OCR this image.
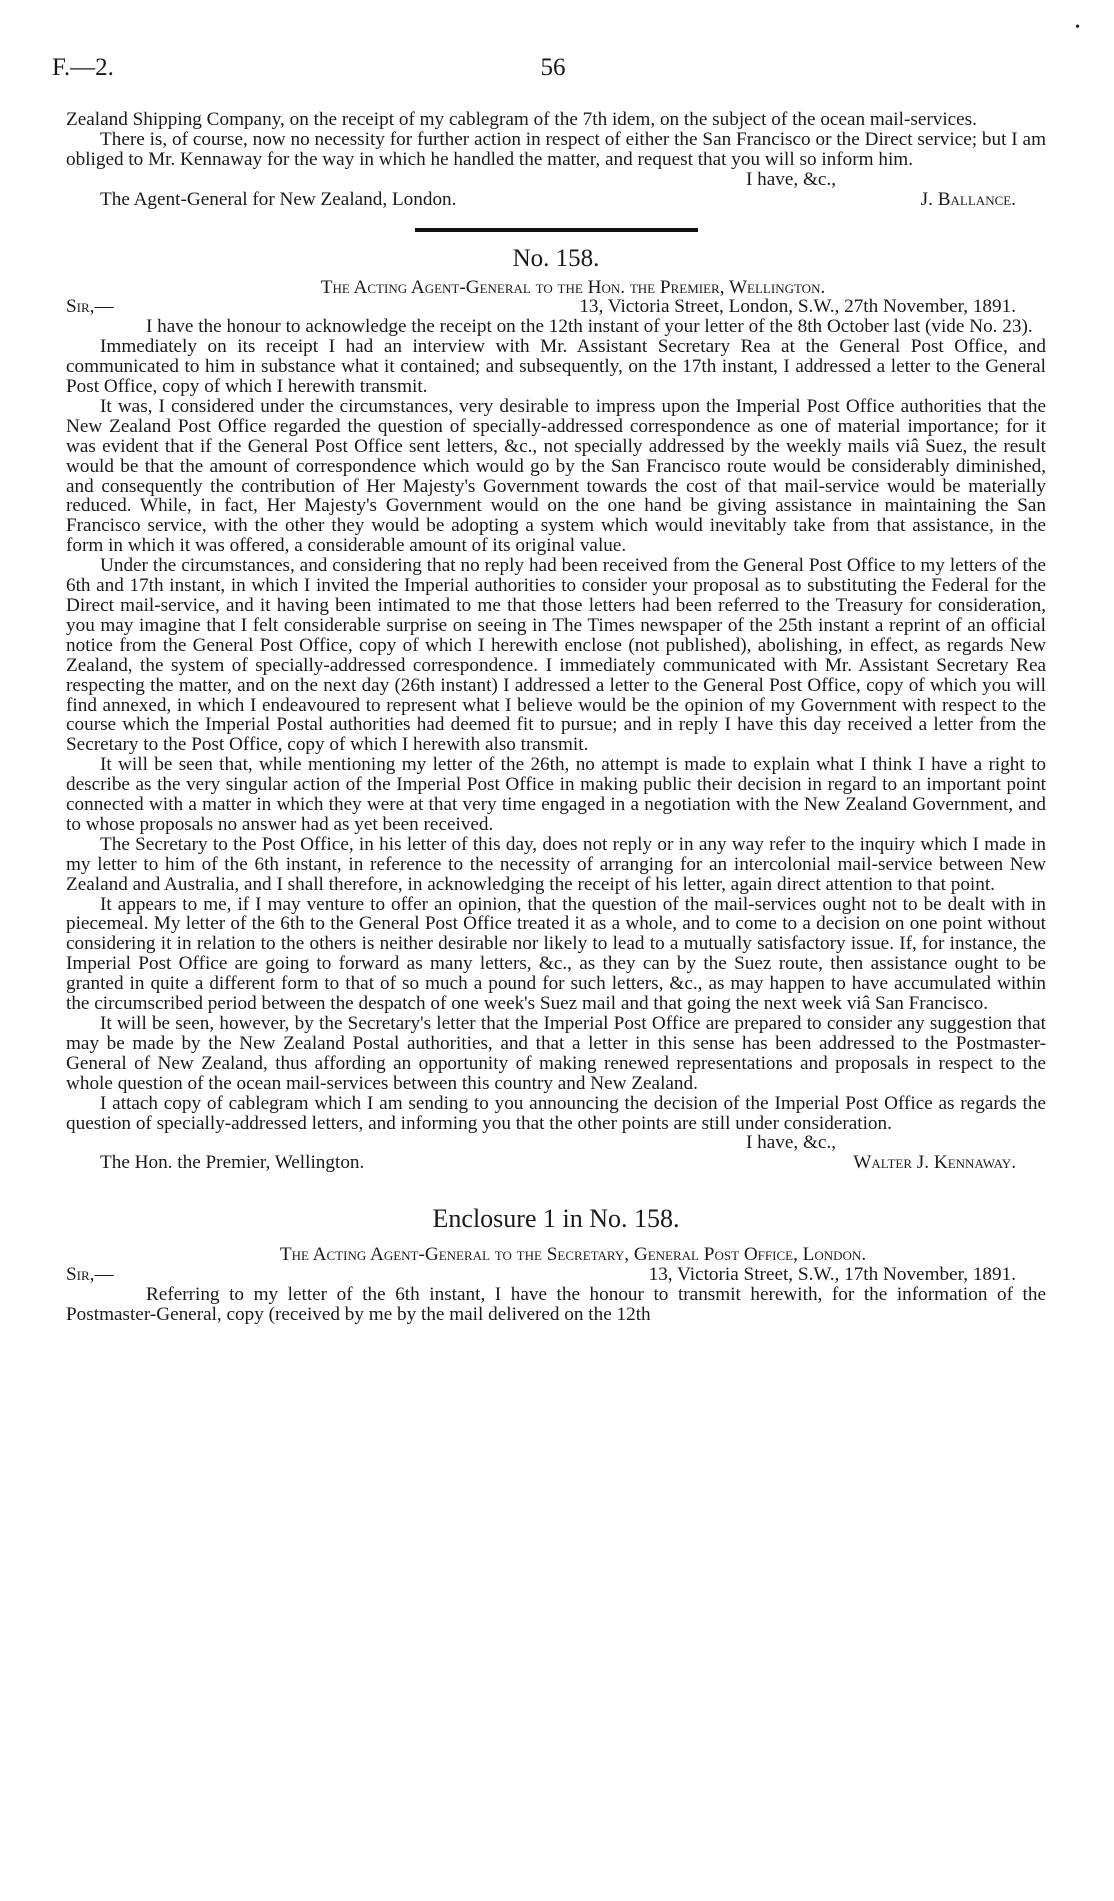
F.—2.	56
•

Zealand Shipping Company, on the receipt of my cablegram of the 7th idem, on the subject of the ocean mail-services.

There is, of course, now no necessity for further action in respect of either the San Francisco or the Direct service; but I am obliged to Mr. Kennaway for the way in which he handled the matter, and request that you will so inform him.

I have, &c.,
The Agent-General for New Zealand, London.	J. Ballance.
No. 158.

The Acting Agent-General to the Hon. the Premier, Wellington.

Sir,—	13, Victoria Street, London, S.W., 27th November, 1891.

I have the honour to acknowledge the receipt on the 12th instant of your letter of the 8th October last (vide No. 23).

Immediately on its receipt I had an interview with Mr. Assistant Secretary Rea at the General Post Office, and communicated to him in substance what it contained; and subsequently, on the 17th instant, I addressed a letter to the General Post Office, copy of which I herewith transmit.

It was, I considered under the circumstances, very desirable to impress upon the Imperial Post Office authorities that the New Zealand Post Office regarded the question of specially-addressed correspondence as one of material importance; for it was evident that if the General Post Office sent letters, &c., not specially addressed by the weekly mails viâ Suez, the result would be that the amount of correspondence which would go by the San Francisco route would be considerably diminished, and consequently the contribution of Her Majesty's Government towards the cost of that mail-service would be materially reduced. While, in fact, Her Majesty's Government would on the one hand be giving assistance in maintaining the San Francisco service, with the other they would be adopting a system which would inevitably take from that assistance, in the form in which it was offered, a considerable amount of its original value.

Under the circumstances, and considering that no reply had been received from the General Post Office to my letters of the 6th and 17th instant, in which I invited the Imperial authorities to consider your proposal as to substituting the Federal for the Direct mail-service, and it having been intimated to me that those letters had been referred to the Treasury for consideration, you may imagine that I felt considerable surprise on seeing in The Times newspaper of the 25th instant a reprint of an official notice from the General Post Office, copy of which I herewith enclose (not published), abolishing, in effect, as regards New Zealand, the system of specially-addressed correspondence. I immediately communicated with Mr. Assistant Secretary Rea respecting the matter, and on the next day (26th instant) I addressed a letter to the General Post Office, copy of which you will find annexed, in which I endeavoured to represent what I believe would be the opinion of my Government with respect to the course which the Imperial Postal authorities had deemed fit to pursue; and in reply I have this day received a letter from the Secretary to the Post Office, copy of which I herewith also transmit.

It will be seen that, while mentioning my letter of the 26th, no attempt is made to explain what I think I have a right to describe as the very singular action of the Imperial Post Office in making public their decision in regard to an important point connected with a matter in which they were at that very time engaged in a negotiation with the New Zealand Government, and to whose proposals no answer had as yet been received.

The Secretary to the Post Office, in his letter of this day, does not reply or in any way refer to the inquiry which I made in my letter to him of the 6th instant, in reference to the necessity of arranging for an intercolonial mail-service between New Zealand and Australia, and I shall therefore, in acknowledging the receipt of his letter, again direct attention to that point.

It appears to me, if I may venture to offer an opinion, that the question of the mail-services ought not to be dealt with in piecemeal. My letter of the 6th to the General Post Office treated it as a whole, and to come to a decision on one point without considering it in relation to the others is neither desirable nor likely to lead to a mutually satisfactory issue. If, for instance, the Imperial Post Office are going to forward as many letters, &c., as they can by the Suez route, then assistance ought to be granted in quite a different form to that of so much a pound for such letters, &c., as may happen to have accumulated within the circumscribed period between the despatch of one week's Suez mail and that going the next week viâ San Francisco.

It will be seen, however, by the Secretary's letter that the Imperial Post Office are prepared to consider any suggestion that may be made by the New Zealand Postal authorities, and that a letter in this sense has been addressed to the Postmaster-General of New Zealand, thus affording an opportunity of making renewed representations and proposals in respect to the whole question of the ocean mail-services between this country and New Zealand.

I attach copy of cablegram which I am sending to you announcing the decision of the Imperial Post Office as regards the question of specially-addressed letters, and informing you that the other points are still under consideration.

I have, &c.,
The Hon. the Premier, Wellington.	Walter J. Kennaway.
Enclosure 1 in No. 158.

The Acting Agent-General to the Secretary, General Post Office, London.

Sir,—	13, Victoria Street, S.W., 17th November, 1891.

Referring to my letter of the 6th instant, I have the honour to transmit herewith, for the information of the Postmaster-General, copy (received by me by the mail delivered on the 12th
